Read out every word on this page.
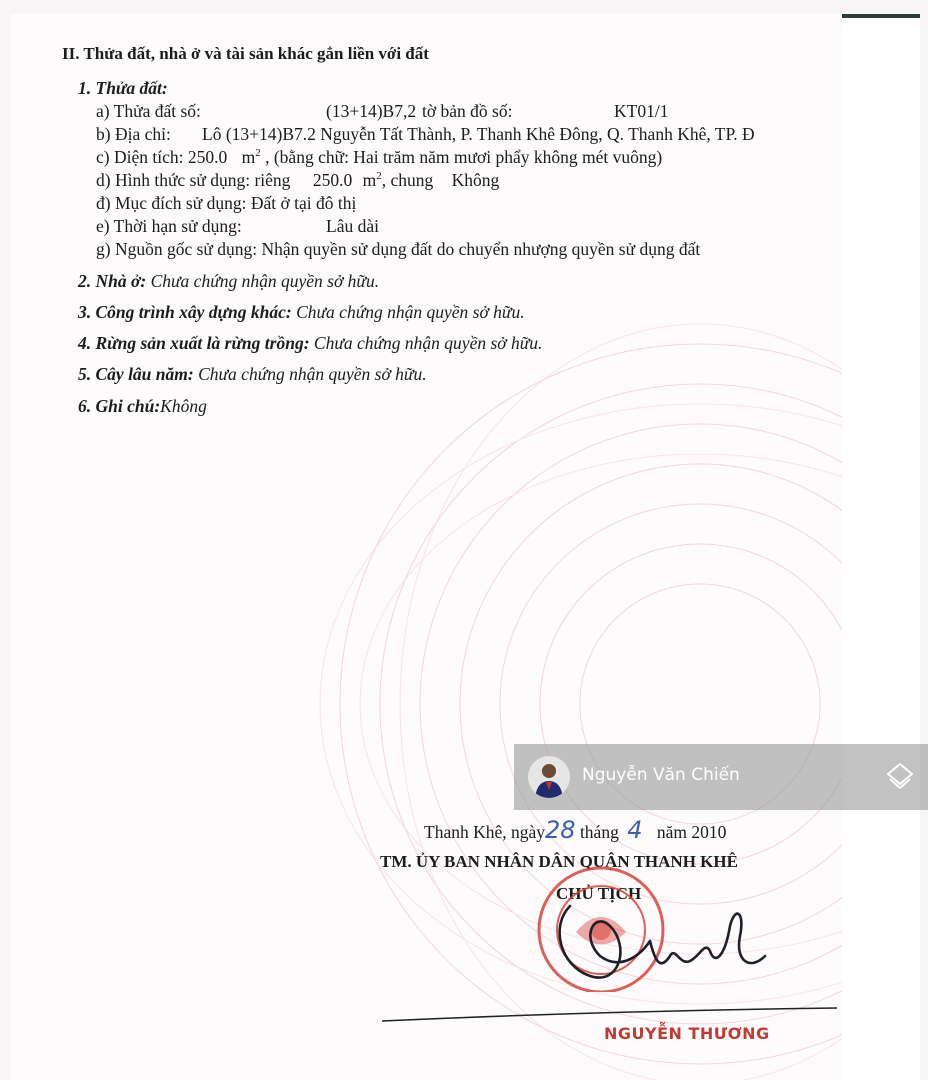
II. Thửa đất, nhà ở và tài sản khác gắn liền với đất
1. Thửa đất:
a) Thửa đất số:	(13+14)B7,2 tờ bản đồ số:	KT01/1
b) Địa chỉ: Lô (13+14)B7.2 Nguyễn Tất Thành, P. Thanh Khê Đông, Q. Thanh Khê, TP. Đ
c) Diện tích: 250.0 $m^2$ , (bằng chữ: Hai trăm năm mươi phẩy không mét vuông)
d) Hình thức sử dụng: riêng 250.0 $m^2$, chung Không
đ) Mục đích sử dụng: Đất ở tại đô thị
e) Thời hạn sử dụng:	Lâu dài
g) Nguồn gốc sử dụng: Nhận quyền sử dụng đất do chuyển nhượng quyền sử dụng đất
2. Nhà ở: Chưa chứng nhận quyền sở hữu.
3. Công trình xây dựng khác: Chưa chứng nhận quyền sở hữu.
4. Rừng sản xuất là rừng trồng: Chưa chứng nhận quyền sở hữu.
5. Cây lâu năm: Chưa chứng nhận quyền sở hữu.
6. Ghi chú:Không
Thanh Khê, ngày28 tháng 4 năm 2010
TM. ỦY BAN NHÂN DÂN QUẬN THANH KHÊ
CHỦ TỊCH
NGUYỄN THƯƠNG
Nguyễn Văn Chiến
